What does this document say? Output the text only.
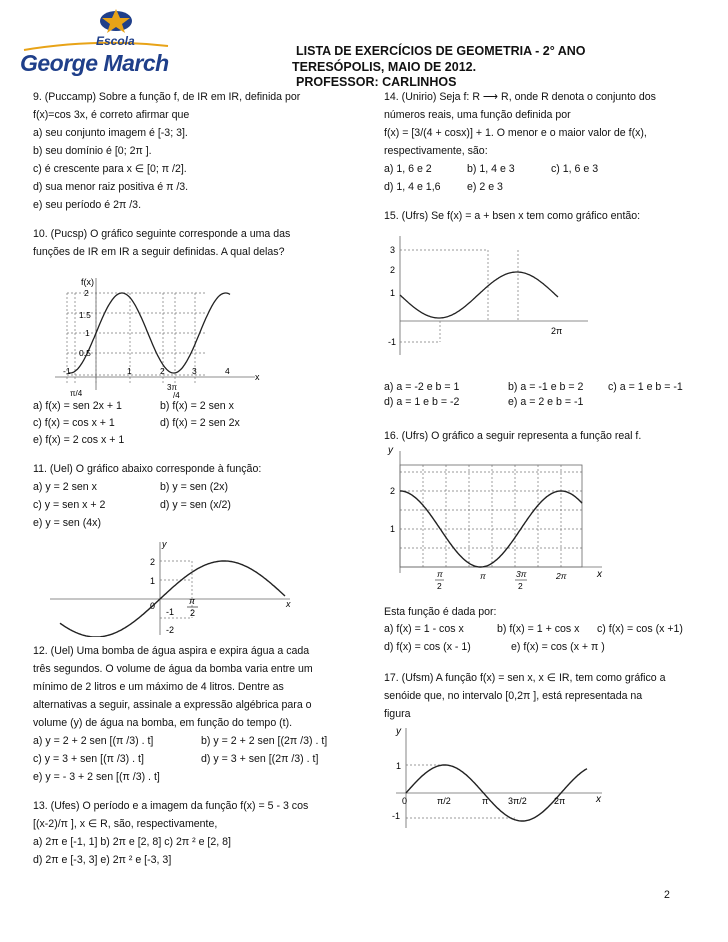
Escola
George March	LISTA DE EXERCÍCIOS DE GEOMETRIA - 2° ANO
TERESÓPOLIS, MAIO DE 2012.
PROFESSOR: CARLINHOS
9. (Puccamp) Sobre a função f, de IR em IR, definida por
f(x)=cos 3x, é correto afirmar que
a) seu conjunto imagem é [-3; 3].
b) seu domínio é [0; 2π ].
c) é crescente para x ∈ [0; π /2].
d) sua menor raiz positiva é π /3.
e) seu período é 2π /3.
10. (Pucsp) O gráfico seguinte corresponde a uma das
funções de IR em IR a seguir definidas. A qual delas?
f(x)
x
2
1.5
1
0.5
-1	1	2	3	4
π/4
3π
/4
a) f(x) = sen 2x + 1	b) f(x) = 2 sen x
c) f(x) = cos x + 1	d) f(x) = 2 sen 2x
e) f(x) = 2 cos x + 1
11. (Uel) O gráfico abaixo corresponde à função:
a) y = 2 sen x	b) y = sen (2x)
c) y = sen x + 2	d) y = sen (x/2)
e) y = sen (4x)
y
x
2
1
0
-1
-2
π
2
12. (Uel) Uma bomba de água aspira e expira água a cada
três segundos. O volume de água da bomba varia entre um
mínimo de 2 litros e um máximo de 4 litros. Dentre as
alternativas a seguir, assinale a expressão algébrica para o
volume (y) de água na bomba, em função do tempo (t).
a) y = 2 + 2 sen [(π /3) . t]	b) y = 2 + 2 sen [(2π /3) . t]
c) y = 3 + sen [(π /3) . t]	d) y = 3 + sen [(2π /3) . t]
e) y = - 3 + 2 sen [(π /3) . t]
13. (Ufes) O período e a imagem da função f(x) = 5 - 3 cos
[(x-2)/π ], x ∈ R, são, respectivamente,
a) 2π e [-1, 1] b) 2π e [2, 8] c) 2π ² e [2, 8]
d) 2π e [-3, 3] e) 2π ² e [-3, 3]
14. (Unirio) Seja f: R ⟶ R, onde R denota o conjunto dos
números reais, uma função definida por
f(x) = [3/(4 + cosx)] + 1. O menor e o maior valor de f(x),
respectivamente, são:
a) 1, 6 e 2	b) 1, 4 e 3	c) 1, 6 e 3
d) 1, 4 e 1,6 e) 2 e 3
15. (Ufrs) Se f(x) = a + bsen x tem como gráfico então:
3
2
1
-1
2π
a) a = -2 e b = 1	b) a = -1 e b = 2 c) a = 1 e b = -1
d) a = 1 e b = -2	e) a = 2 e b = -1
16. (Ufrs) O gráfico a seguir representa a função real f.
y
x
2
1
π
2
π	3π
2
2π
Esta função é dada por:
a) f(x) = 1 - cos x	b) f(x) = 1 + cos x c) f(x) = cos (x +1)
d) f(x) = cos (x - 1)	e) f(x) = cos (x + π )
17. (Ufsm) A função f(x) = sen x, x ∈ IR, tem como gráfico a
senóide que, no intervalo [0,2π ], está representada na
figura
y
x
1
-1
0	π/2	π 3π/2	2π
2
